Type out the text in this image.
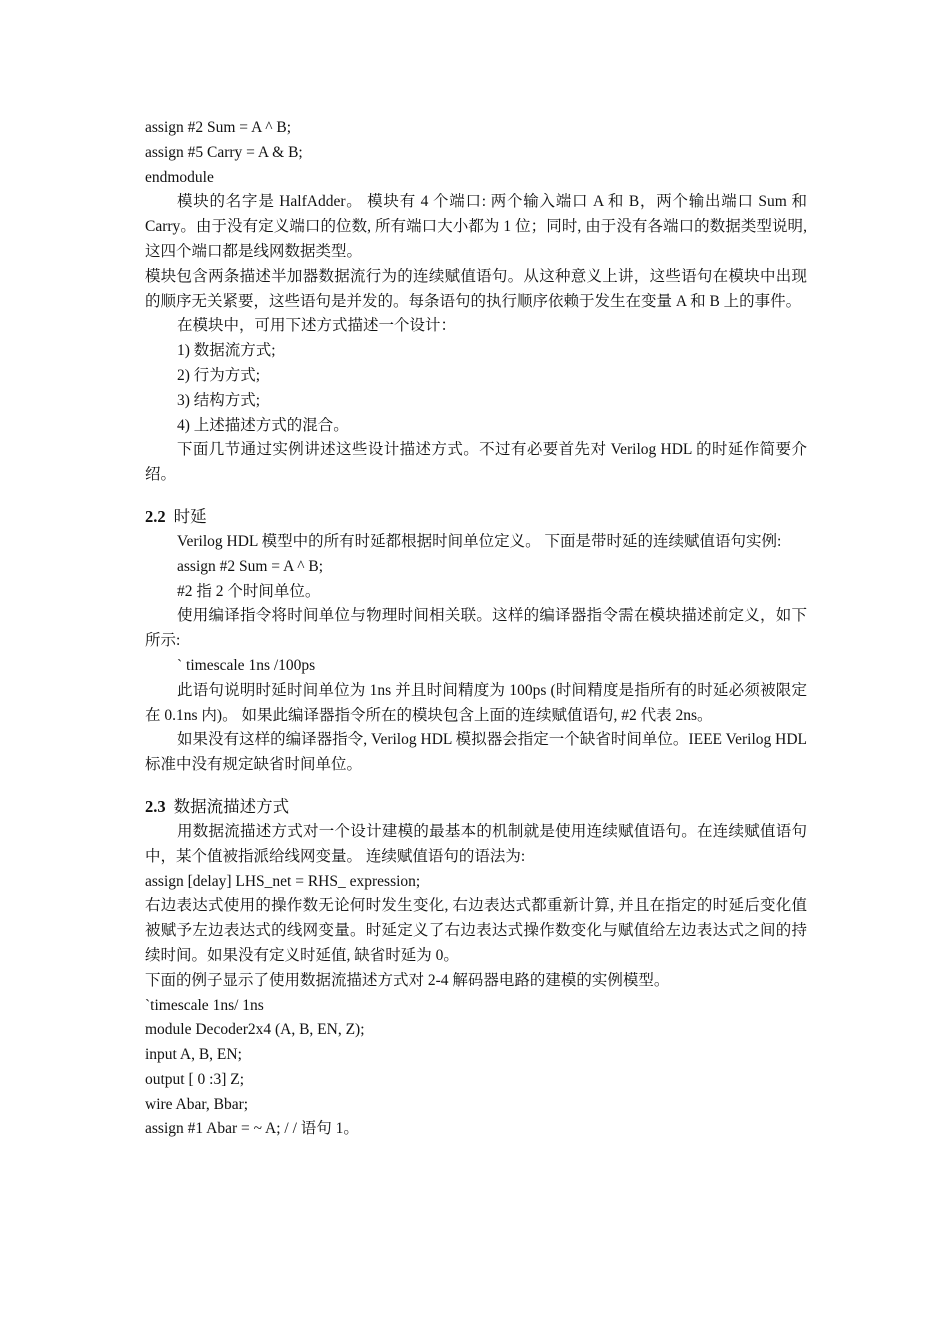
assign #2 Sum = A ^ B;
assign #5 Carry = A & B;
endmodule
模块的名字是 HalfAdder。 模块有 4 个端口: 两个输入端口 A 和 B，两个输出端口 Sum 和 Carry。由于没有定义端口的位数, 所有端口大小都为 1 位；同时, 由于没有各端口的数据类型说明, 这四个端口都是线网数据类型。
模块包含两条描述半加器数据流行为的连续赋值语句。从这种意义上讲，这些语句在模块中出现的顺序无关紧要，这些语句是并发的。每条语句的执行顺序依赖于发生在变量 A 和 B 上的事件。
在模块中，可用下述方式描述一个设计：
1) 数据流方式;
2) 行为方式;
3) 结构方式;
4) 上述描述方式的混合。
下面几节通过实例讲述这些设计描述方式。不过有必要首先对 Verilog HDL 的时延作简要介绍。
2.2 时延
Verilog HDL 模型中的所有时延都根据时间单位定义。 下面是带时延的连续赋值语句实例:
assign #2 Sum = A ^ B;
#2 指 2 个时间单位。
使用编译指令将时间单位与物理时间相关联。这样的编译器指令需在模块描述前定义，如下所示:
` timescale 1ns /100ps
此语句说明时延时间单位为 1ns 并且时间精度为 100ps (时间精度是指所有的时延必须被限定在 0.1ns 内)。 如果此编译器指令所在的模块包含上面的连续赋值语句, #2 代表 2ns。
如果没有这样的编译器指令, Verilog HDL 模拟器会指定一个缺省时间单位。IEEE Verilog HDL 标准中没有规定缺省时间单位。
2.3 数据流描述方式
用数据流描述方式对一个设计建模的最基本的机制就是使用连续赋值语句。在连续赋值语句中，某个值被指派给线网变量。 连续赋值语句的语法为:
assign [delay] LHS_net = RHS_ expression;
右边表达式使用的操作数无论何时发生变化, 右边表达式都重新计算, 并且在指定的时延后变化值被赋予左边表达式的线网变量。时延定义了右边表达式操作数变化与赋值给左边表达式之间的持续时间。如果没有定义时延值, 缺省时延为 0。
下面的例子显示了使用数据流描述方式对 2-4 解码器电路的建模的实例模型。
`timescale 1ns/ 1ns
module Decoder2x4 (A, B, EN, Z);
input A, B, EN;
output [ 0 :3] Z;
wire Abar, Bbar;
assign #1 Abar = ~ A; / / 语句 1。
